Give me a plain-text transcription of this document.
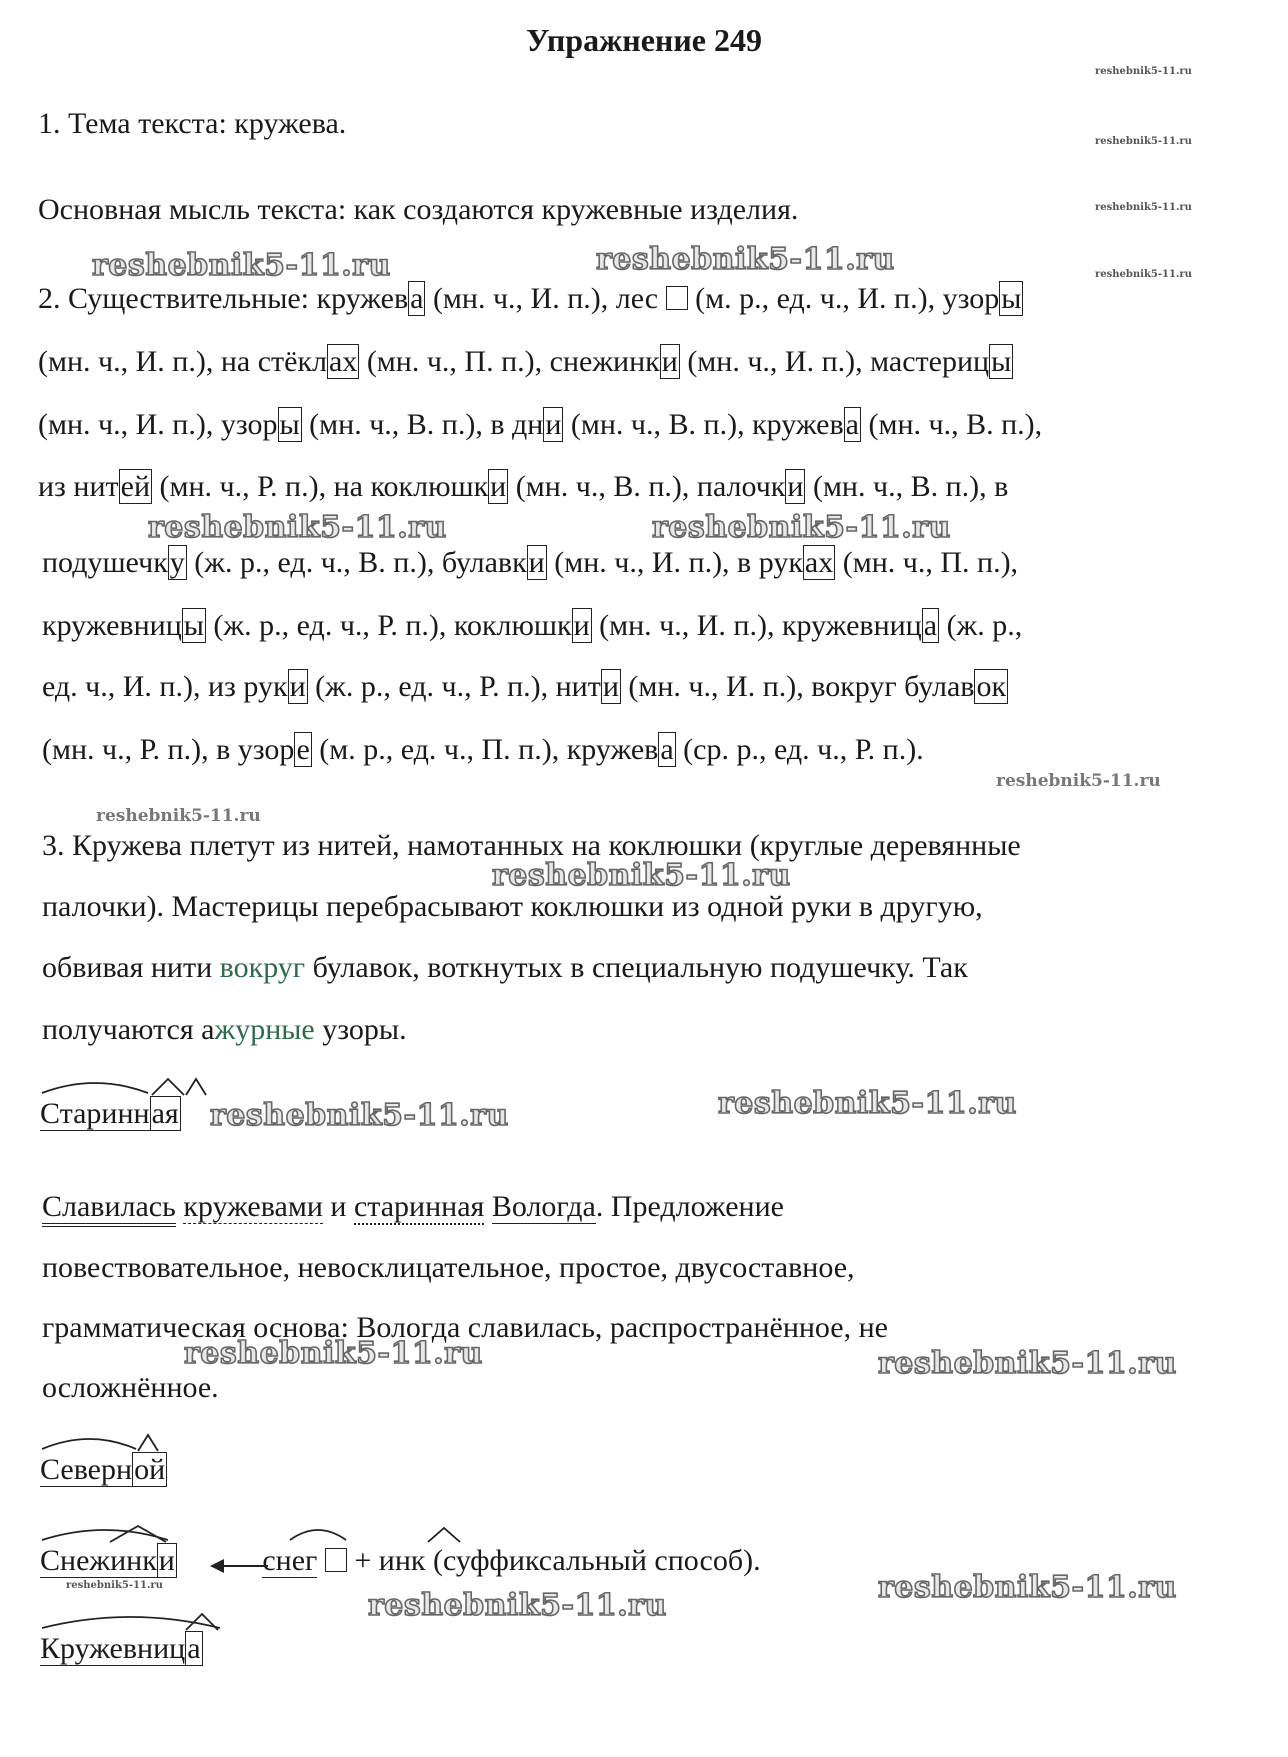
Упражнение 249
reshebnik5-11.ru
reshebnik5-11.ru
reshebnik5-11.ru
reshebnik5-11.ru
1. Тема текста: кружева.
Основная мысль текста: как создаются кружевные изделия.
reshebnik5-11.ru	reshebnik5-11.ru
2. Существительные: кружева (мн. ч., И. п.), лес  (м. р., ед. ч., И. п.), узоры
(мн. ч., И. п.), на стёклах (мн. ч., П. п.), снежинки (мн. ч., И. п.), мастерицы
(мн. ч., И. п.), узоры (мн. ч., В. п.), в дни (мн. ч., В. п.), кружева (мн. ч., В. п.),
из нитей (мн. ч., Р. п.), на коклюшки (мн. ч., В. п.), палочки (мн. ч., В. п.), в
reshebnik5-11.ru	reshebnik5-11.ru
подушечку (ж. р., ед. ч., В. п.), булавки (мн. ч., И. п.), в руках (мн. ч., П. п.),
кружевницы (ж. р., ед. ч., Р. п.), коклюшки (мн. ч., И. п.), кружевница (ж. р.,
ед. ч., И. п.), из руки (ж. р., ед. ч., Р. п.), нити (мн. ч., И. п.), вокруг булавок
(мн. ч., Р. п.), в узоре (м. р., ед. ч., П. п.), кружева (ср. р., ед. ч., Р. п.).
reshebnik5-11.ru
reshebnik5-11.ru
3. Кружева плетут из нитей, намотанных на коклюшки (круглые деревянные
reshebnik5-11.ru
палочки). Мастерицы перебрасывают коклюшки из одной руки в другую,
обвивая нити вокруг булавок, воткнутых в специальную подушечку. Так
получаются ажурные узоры.
Старинная reshebnik5-11.ru	reshebnik5-11.ru
Славилась кружевами и старинная Вологда. Предложение
повествовательное, невосклицательное, простое, двусоставное,
грамматическая основа: Вологда славилась, распространённое, не
reshebnik5-11.ru	reshebnik5-11.ru
осложнённое.
Северной
Снежинки	снег  + инк (суффиксальный способ).
reshebnik5-11.ru
reshebnik5-11.ru
reshebnik5-11.ru
Кружевница
